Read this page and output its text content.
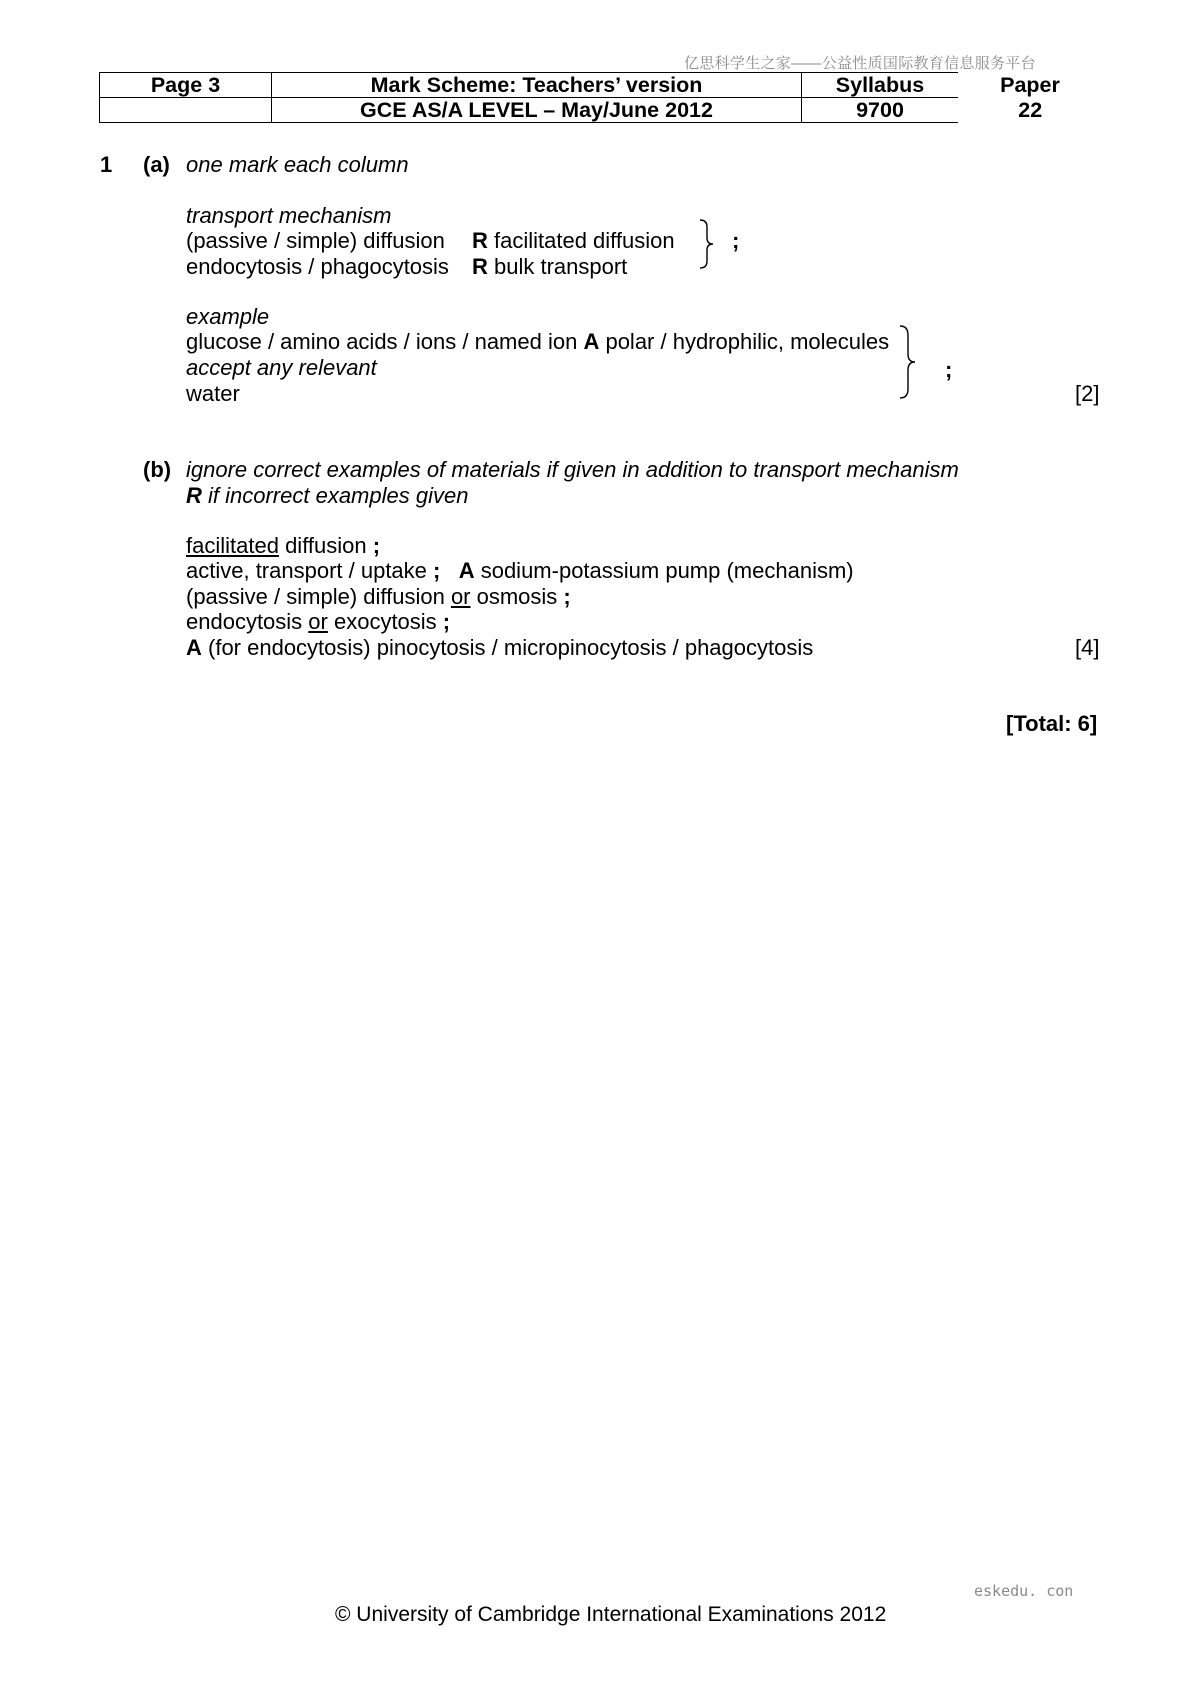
亿思科学生之家——公益性质国际教育信息服务平台
Page 3	Mark Scheme: Teachers’ version	Syllabus	Paper
	GCE AS/A LEVEL – May/June 2012	9700	22
1 (a) one mark each column
transport mechanism
(passive / simple) diffusion R facilitated diffusion
endocytosis / phagocytosis R bulk transport
;
example
glucose / amino acids / ions / named ion A polar / hydrophilic, molecules
accept any relevant
water
;
[2]
(b) ignore correct examples of materials if given in addition to transport mechanism
R if incorrect examples given
facilitated diffusion ;
active, transport / uptake ; A sodium-potassium pump (mechanism)
(passive / simple) diffusion or osmosis ;
endocytosis or exocytosis ;
A (for endocytosis) pinocytosis / micropinocytosis / phagocytosis	[4]
[Total: 6]
eskedu. con
© University of Cambridge International Examinations 2012
